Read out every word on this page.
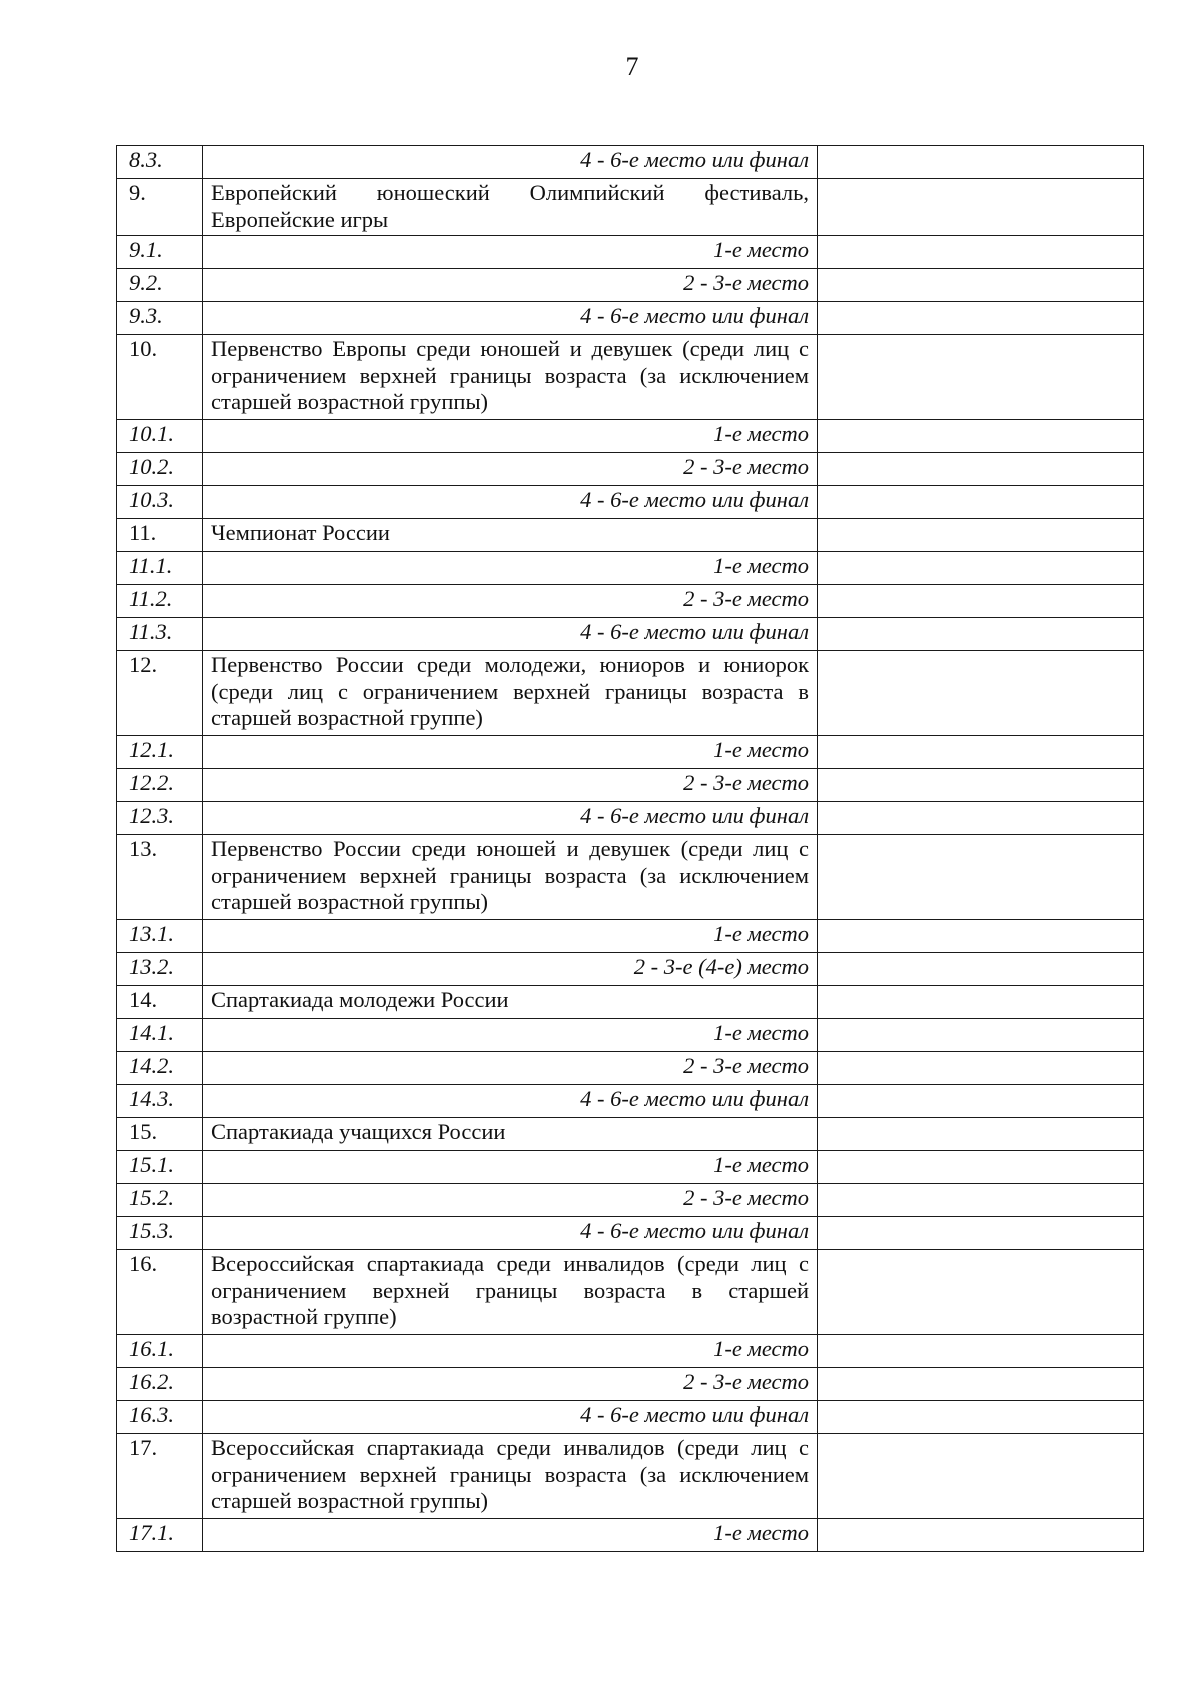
7
8.3.	4 - 6-е место или финал	
9.	Европейский юношеский Олимпийский фестиваль, Европейские игры	
9.1.	1-е место	
9.2.	2 - 3-е место	
9.3.	4 - 6-е место или финал	
10.	Первенство Европы среди юношей и девушек (среди лиц с ограничением верхней границы возраста (за исключением старшей возрастной группы)	
10.1.	1-е место	
10.2.	2 - 3-е место	
10.3.	4 - 6-е место или финал	
11.	Чемпионат России	
11.1.	1-е место	
11.2.	2 - 3-е место	
11.3.	4 - 6-е место или финал	
12.	Первенство России среди молодежи, юниоров и юниорок (среди лиц с ограничением верхней границы возраста в старшей возрастной группе)	
12.1.	1-е место	
12.2.	2 - 3-е место	
12.3.	4 - 6-е место или финал	
13.	Первенство России среди юношей и девушек (среди лиц с ограничением верхней границы возраста (за исключением старшей возрастной группы)	
13.1.	1-е место	
13.2.	2 - 3-е (4-е) место	
14.	Спартакиада молодежи России	
14.1.	1-е место	
14.2.	2 - 3-е место	
14.3.	4 - 6-е место или финал	
15.	Спартакиада учащихся России	
15.1.	1-е место	
15.2.	2 - 3-е место	
15.3.	4 - 6-е место или финал	
16.	Всероссийская спартакиада среди инвалидов (среди лиц с ограничением верхней границы возраста в старшей возрастной группе)	
16.1.	1-е место	
16.2.	2 - 3-е место	
16.3.	4 - 6-е место или финал	
17.	Всероссийская спартакиада среди инвалидов (среди лиц с ограничением верхней границы возраста (за исключением старшей возрастной группы)	
17.1.	1-е место	
